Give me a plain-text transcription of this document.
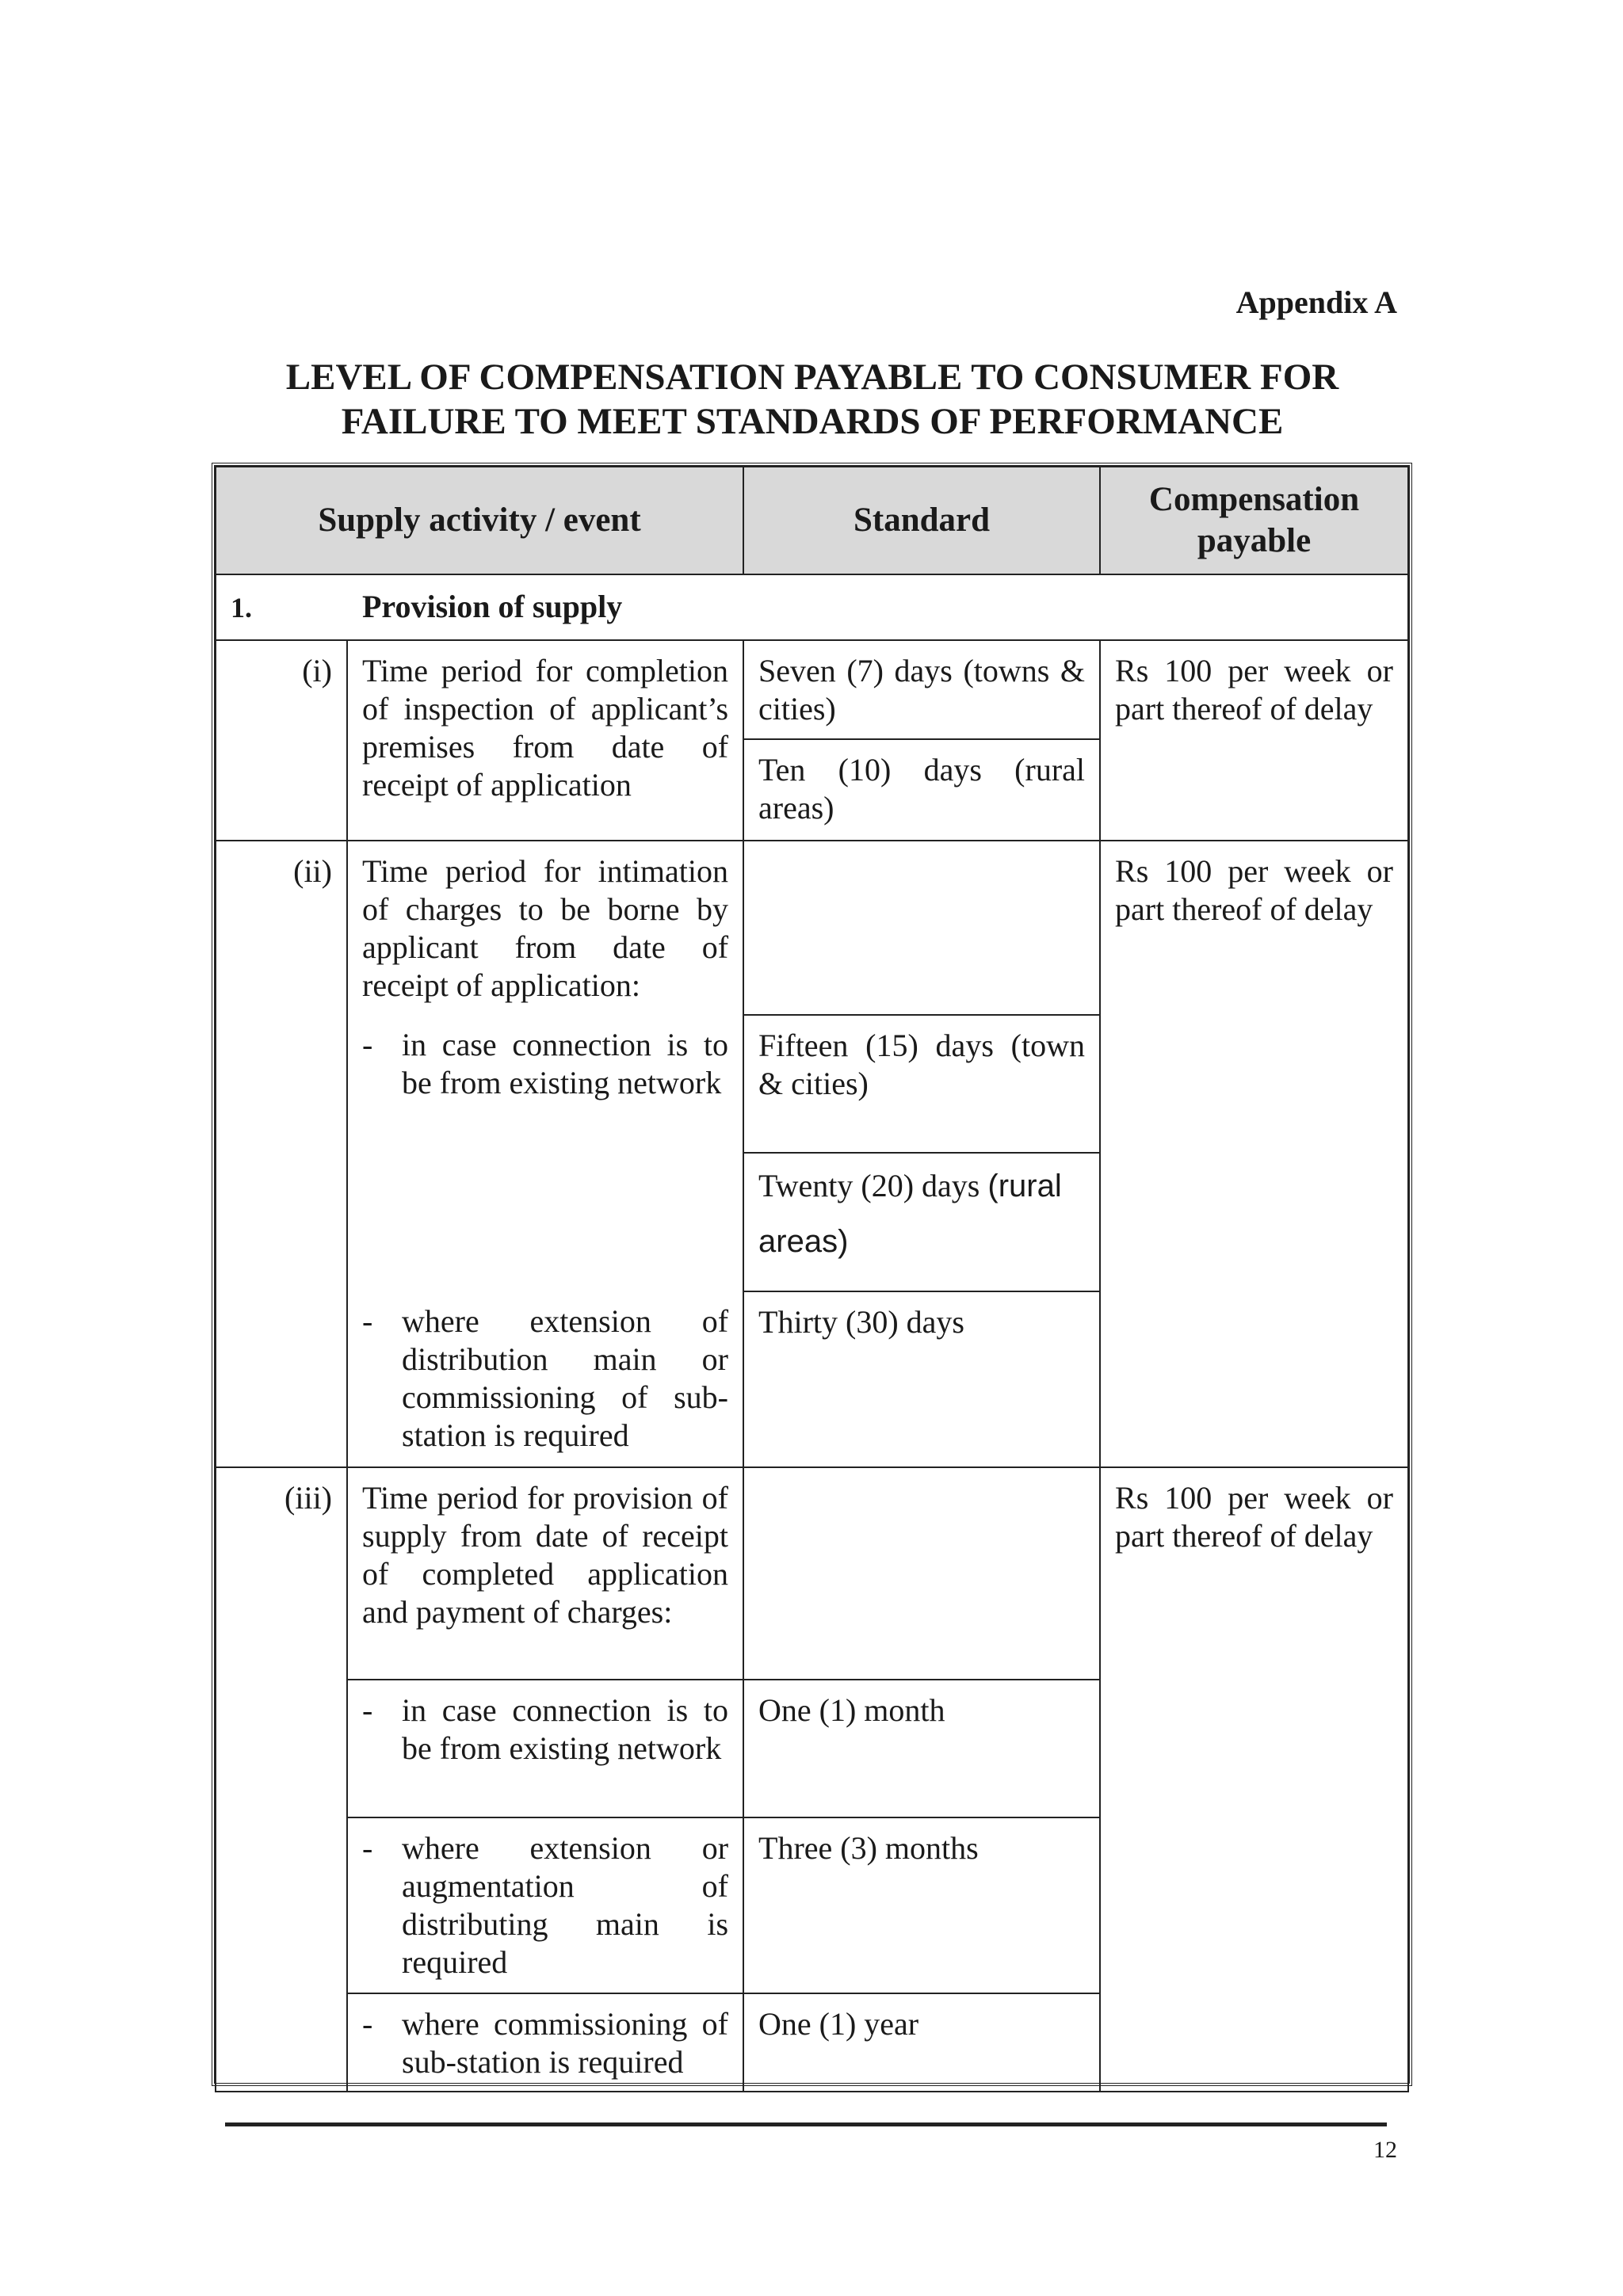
Appendix A
LEVEL OF COMPENSATION PAYABLE TO CONSUMER FOR
FAILURE TO MEET STANDARDS OF PERFORMANCE
Supply activity / event		Standard	Compensation payable
1. Provision of supply			
(i)	Time period for completion of inspection of applicant’s premises from date of receipt of application	Seven (7) days (towns & cities)	Rs 100 per week or part thereof of delay
		Ten (10) days (rural areas)	
(ii)	Time period for intimation of charges to be borne by applicant from date of receipt of application:		Rs 100 per week or part thereof of delay

	- in case connection is to be from existing network	Fifteen (15) days (town & cities)	
		Twenty (20) days (rural
areas)	

	- where extension of distribution main or commissioning of sub-station is required	Thirty (30) days	
(iii)	Time period for provision of supply from date of receipt of completed application and payment of charges:		Rs 100 per week or part thereof of delay

	- in case connection is to be from existing network	One (1) month	

	- where extension or augmentation of distributing main is required	Three (3) months	

	- where commissioning of sub-station is required	One (1) year	
12
